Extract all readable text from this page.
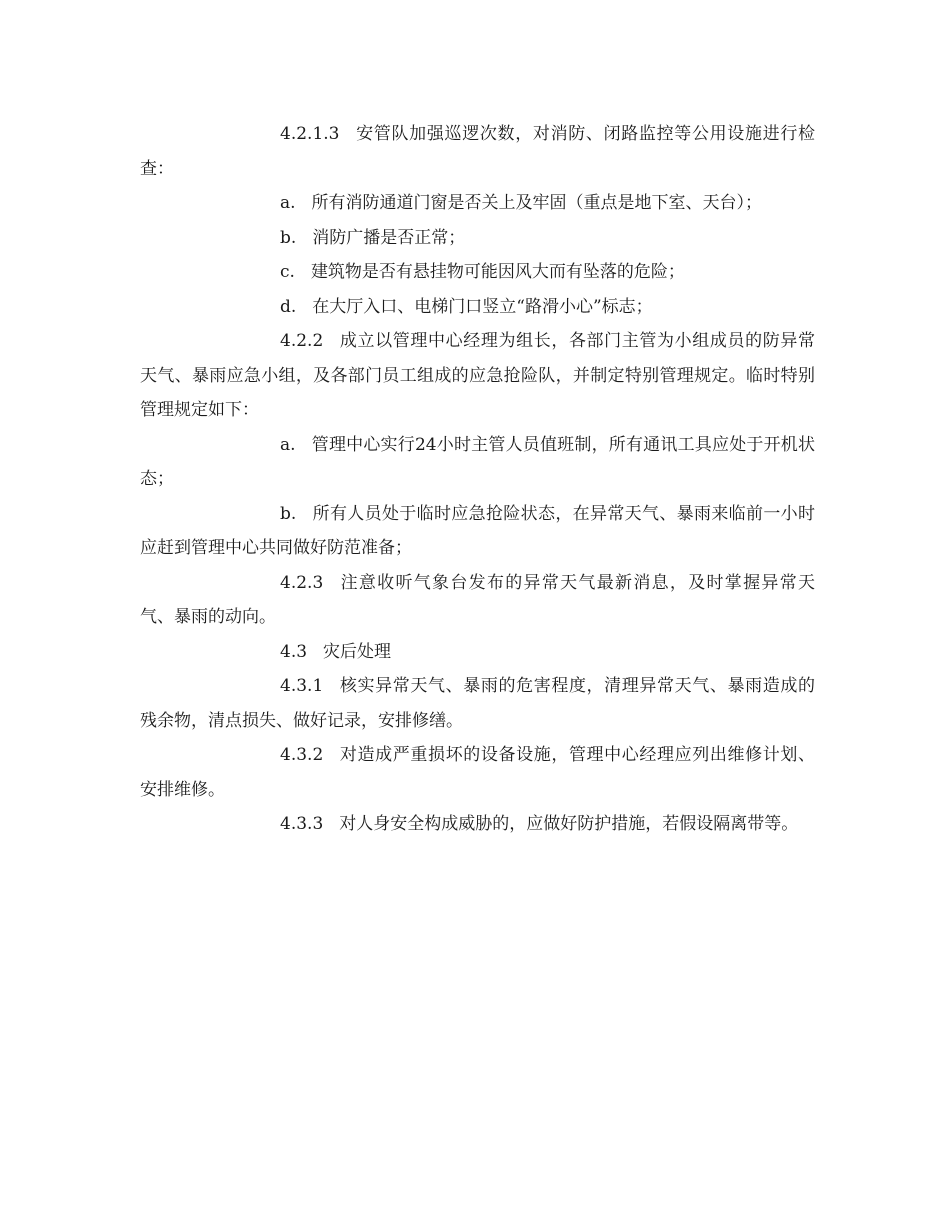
4.2.1.3 安管队加强巡逻次数，对消防、闭路监控等公用设施进行检查：

a. 所有消防通道门窗是否关上及牢固（重点是地下室、天台）；

b. 消防广播是否正常；

c. 建筑物是否有悬挂物可能因风大而有坠落的危险；

d. 在大厅入口、电梯门口竖立“路滑小心”标志；

4.2.2 成立以管理中心经理为组长，各部门主管为小组成员的防异常天气、暴雨应急小组，及各部门员工组成的应急抢险队，并制定特别管理规定。临时特别管理规定如下：

a. 管理中心实行24小时主管人员值班制，所有通讯工具应处于开机状态；

b. 所有人员处于临时应急抢险状态，在异常天气、暴雨来临前一小时应赶到管理中心共同做好防范准备；

4.2.3 注意收听气象台发布的异常天气最新消息，及时掌握异常天气、暴雨的动向。

4.3 灾后处理

4.3.1 核实异常天气、暴雨的危害程度，清理异常天气、暴雨造成的残余物，清点损失、做好记录，安排修缮。

4.3.2 对造成严重损坏的设备设施，管理中心经理应列出维修计划、安排维修。

4.3.3 对人身安全构成威胁的，应做好防护措施，若假设隔离带等。
